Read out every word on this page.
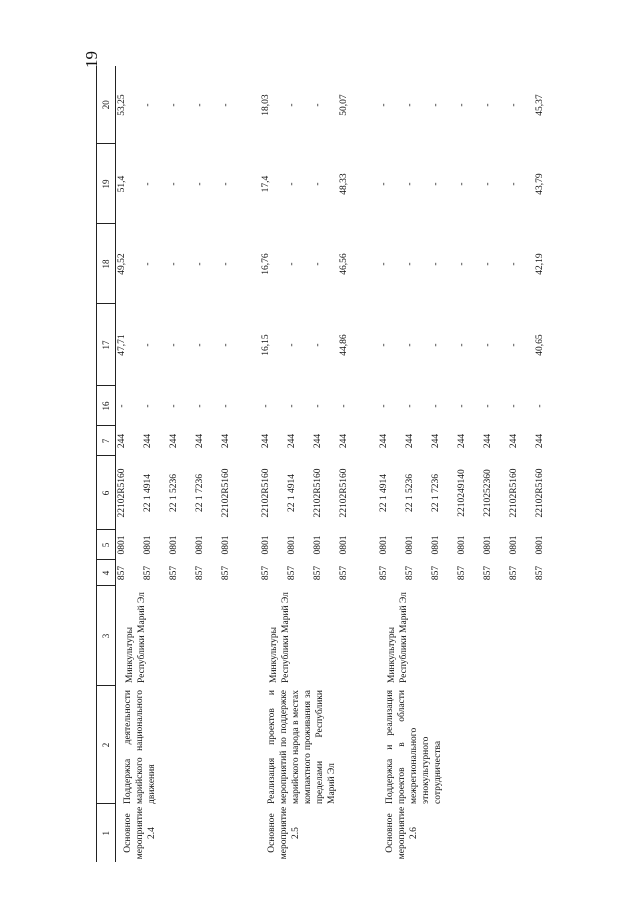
19
1	2	3	4	5	6	7	16	17	18	19	20
Основное мероприятие 2.4	Поддержка деятельности марийского национального движения	Минкультуры Республики Марий Эл	857	0801	22102R5160	244	-	47,71	49,52	51,4	53,25
			857	0801	22 1 4914	244	-	-	-	-	-
			857	0801	22 1 5236	244	-	-	-	-	-
			857	0801	22 1 7236	244	-	-	-	-	-
			857	0801	22102R5160	244	-	-	-	-	-

Основное мероприятие 2.5	Реализация проектов и мероприятий по поддержке марийского народа в местах компактного проживания за пределами Республики Марий Эл	Минкультуры Республики Марий Эл	857	0801	22102R5160	244	-	16,15	16,76	17,4	18,03
			857	0801	22 1 4914	244	-	-	-	-	-
			857	0801	22102R5160	244	-	-	-	-	-
			857	0801	22102R5160	244	-	44,86	46,56	48,33	50,07

Основное мероприятие 2.6	Поддержка и реализация проектов в области межрегионального этнокультурного сотрудничества	Минкультуры Республики Марий Эл	857	0801	22 1 4914	244	-	-	-	-	-
			857	0801	22 1 5236	244	-	-	-	-	-
			857	0801	22 1 7236	244	-	-	-	-	-
			857	0801	2210249140	244	-	-	-	-	-
			857	0801	2210252360	244	-	-	-	-	-
			857	0801	22102R5160	244	-	-	-	-	-
			857	0801	22102R5160	244	-	40,65	42,19	43,79	45,37
